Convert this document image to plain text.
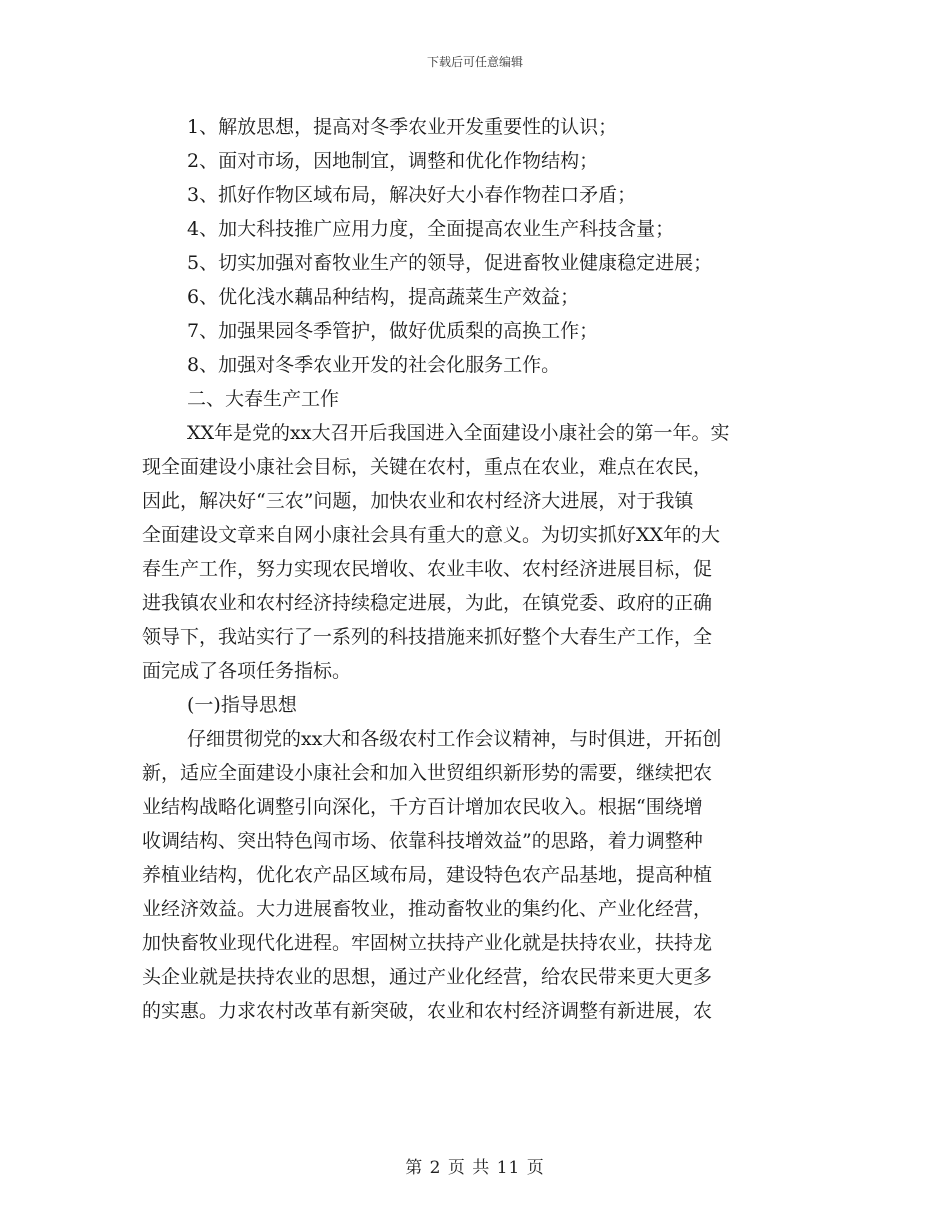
下载后可任意编辑
1、解放思想，提高对冬季农业开发重要性的认识；
2、面对市场，因地制宜，调整和优化作物结构；
3、抓好作物区域布局，解决好大小春作物茬口矛盾；
4、加大科技推广应用力度，全面提高农业生产科技含量；
5、切实加强对畜牧业生产的领导，促进畜牧业健康稳定进展；
6、优化浅水藕品种结构，提高蔬菜生产效益；
7、加强果园冬季管护，做好优质梨的高换工作；
8、加强对冬季农业开发的社会化服务工作。
二、大春生产工作
XX年是党的xx大召开后我国进入全面建设小康社会的第一年。实
现全面建设小康社会目标，关键在农村，重点在农业，难点在农民，
因此，解决好“三农”问题，加快农业和农村经济大进展，对于我镇
全面建设文章来自网小康社会具有重大的意义。为切实抓好XX年的大
春生产工作，努力实现农民增收、农业丰收、农村经济进展目标，促
进我镇农业和农村经济持续稳定进展，为此，在镇党委、政府的正确
领导下，我站实行了一系列的科技措施来抓好整个大春生产工作，全
面完成了各项任务指标。
(一)指导思想
仔细贯彻党的xx大和各级农村工作会议精神，与时俱进，开拓创
新，适应全面建设小康社会和加入世贸组织新形势的需要，继续把农
业结构战略化调整引向深化，千方百计增加农民收入。根据“围绕增
收调结构、突出特色闯市场、依靠科技增效益”的思路，着力调整种
养植业结构，优化农产品区域布局，建设特色农产品基地，提高种植
业经济效益。大力进展畜牧业，推动畜牧业的集约化、产业化经营，
加快畜牧业现代化进程。牢固树立扶持产业化就是扶持农业，扶持龙
头企业就是扶持农业的思想，通过产业化经营，给农民带来更大更多
的实惠。力求农村改革有新突破，农业和农村经济调整有新进展，农
第 2 页 共 11 页
